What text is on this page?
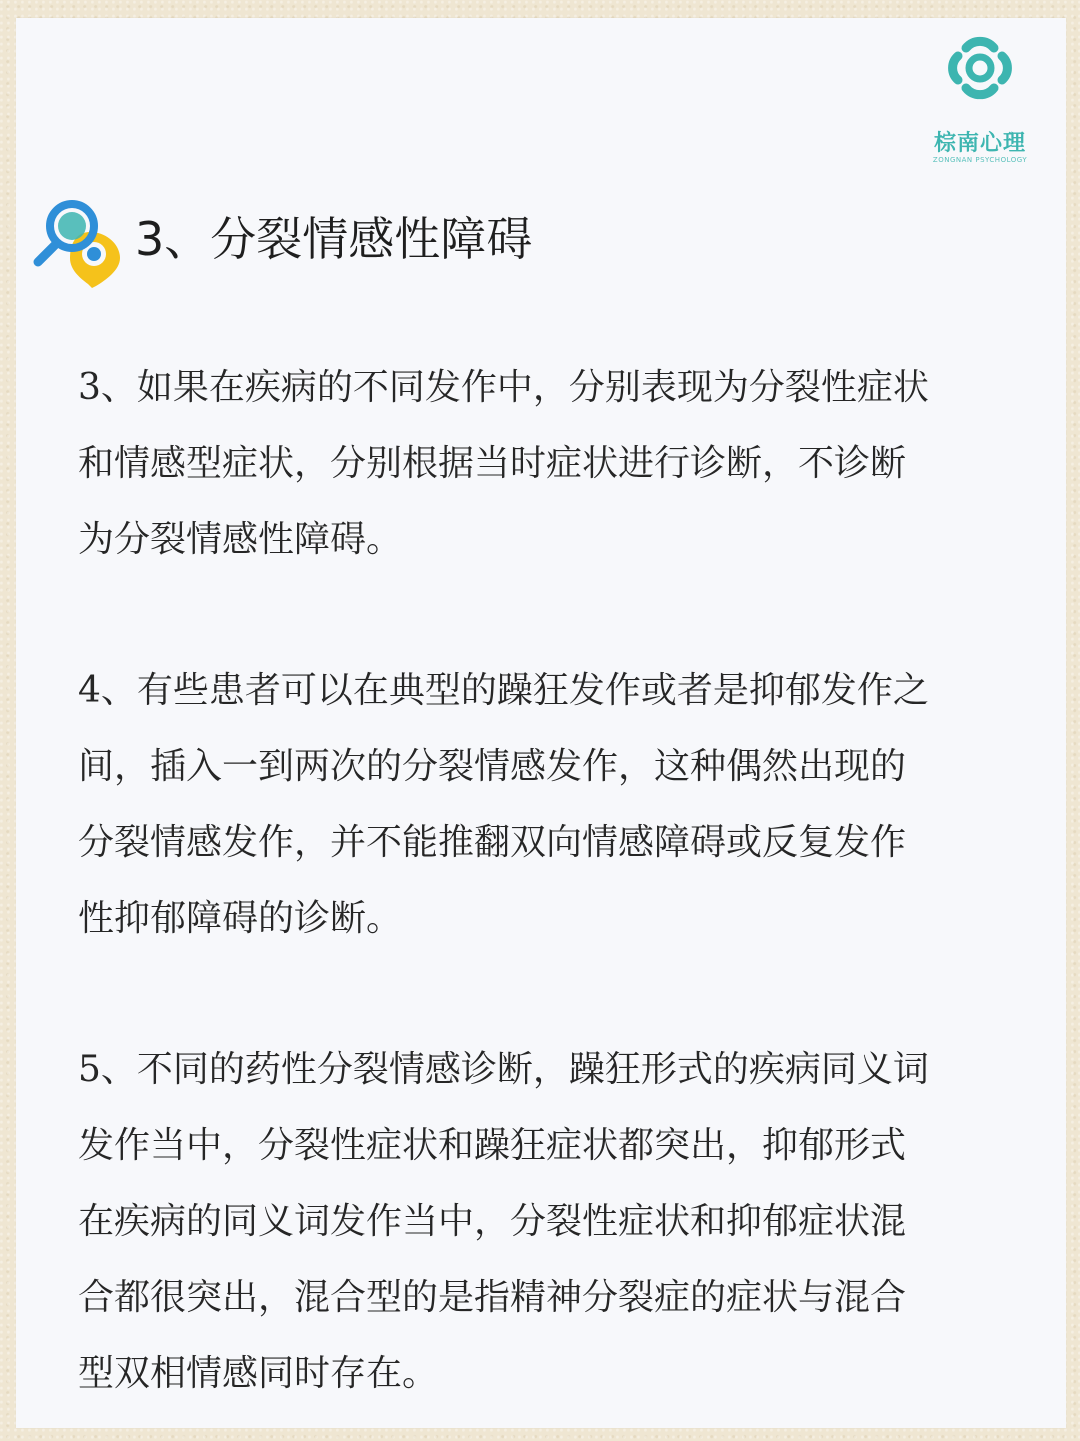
棕南心理
ZONGNAN PSYCHOLOGY
3、分裂情感性障碍
3、如果在疾病的不同发作中，分别表现为分裂性症状
和情感型症状，分别根据当时症状进行诊断，不诊断
为分裂情感性障碍。
4、有些患者可以在典型的躁狂发作或者是抑郁发作之
间，插入一到两次的分裂情感发作，这种偶然出现的
分裂情感发作，并不能推翻双向情感障碍或反复发作
性抑郁障碍的诊断。
5、不同的药性分裂情感诊断，躁狂形式的疾病同义词
发作当中，分裂性症状和躁狂症状都突出，抑郁形式
在疾病的同义词发作当中，分裂性症状和抑郁症状混
合都很突出，混合型的是指精神分裂症的症状与混合
型双相情感同时存在。
